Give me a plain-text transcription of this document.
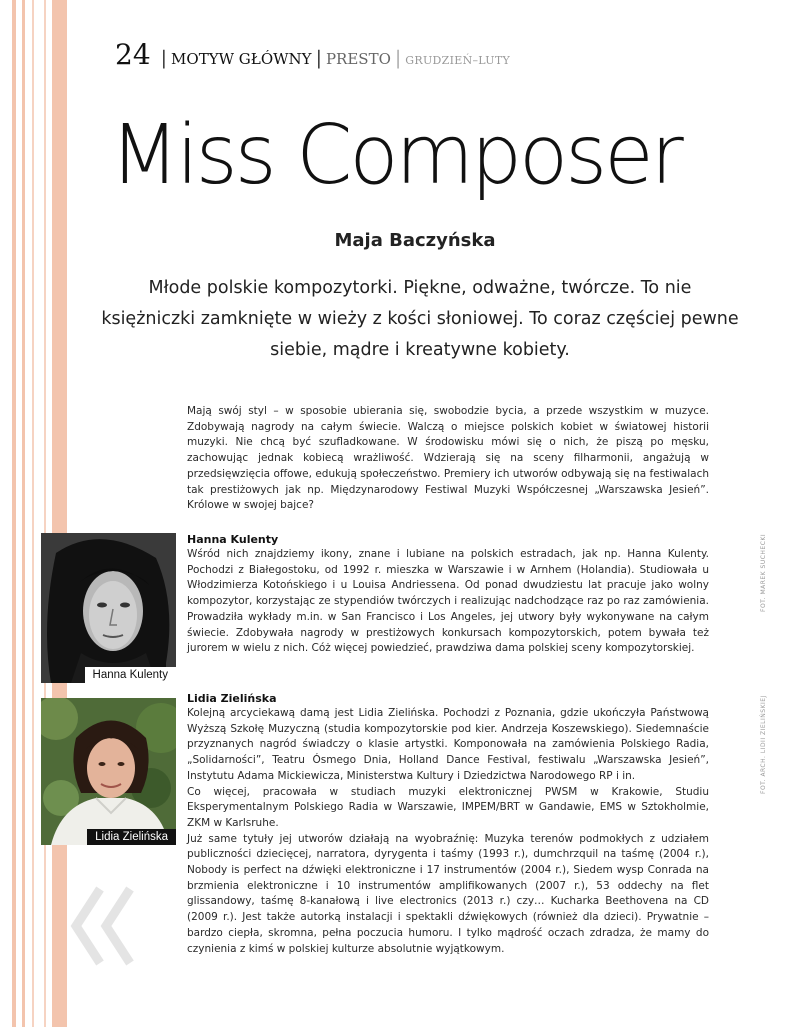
24 | MOTYW GŁÓWNY | PRESTO | GRUDZIEŃ–LUTY
Miss Composer
Maja Baczyńska
Młode polskie kompozytorki. Piękne, odważne, twórcze. To nie księżniczki zamknięte w wieży z kości słoniowej. To coraz częściej pewne siebie, mądre i kreatywne kobiety.
Mają swój styl – w sposobie ubierania się, swobodzie bycia, a przede wszystkim w muzyce. Zdobywają nagrody na całym świecie. Walczą o miejsce polskich kobiet w światowej historii muzyki. Nie chcą być szufladkowane. W środowisku mówi się o nich, że piszą po męsku, zachowując jednak kobiecą wrażliwość. Wdzierają się na sceny filharmonii, angażują w przedsięwzięcia offowe, edukują społeczeństwo. Premiery ich utworów odbywają się na festiwalach tak prestiżowych jak np. Międzynarodowy Festiwal Muzyki Współczesnej „Warszawska Jesień”. Królowe w swojej bajce?
Hanna Kulenty
Hanna Kulenty

Wśród nich znajdziemy ikony, znane i lubiane na polskich estradach, jak np. Hanna Kulenty. Pochodzi z Białegostoku, od 1992 r. mieszka w Warszawie i w Arnhem (Holandia). Studiowała u Włodzimierza Kotońskiego i u Louisa Andriessena. Od ponad dwudziestu lat pracuje jako wolny kompozytor, korzystając ze stypendiów twórczych i realizując nadchodzące raz po raz zamówienia. Prowadziła wykłady m.in. w San Francisco i Los Angeles, jej utwory były wykonywane na całym świecie. Zdobywała nagrody w prestiżowych konkursach kompozytorskich, potem bywała też jurorem w wielu z nich. Cóż więcej powiedzieć, prawdziwa dama polskiej sceny kompozytorskiej.

Lidia Zielińska
Lidia Zielińska

Kolejną arcyciekawą damą jest Lidia Zielińska. Pochodzi z Poznania, gdzie ukończyła Państwową Wyższą Szkołę Muzyczną (studia kompozytorskie pod kier. Andrzeja Koszewskiego). Siedemnaście przyznanych nagród świadczy o klasie artystki. Komponowała na zamówienia Polskiego Radia, „Solidarności”, Teatru Ósmego Dnia, Holland Dance Festival, festiwalu „Warszawska Jesień”, Instytutu Adama Mickiewicza, Ministerstwa Kultury i Dziedzictwa Narodowego RP i in.

Co więcej, pracowała w studiach muzyki elektronicznej PWSM w Krakowie, Studiu Eksperymentalnym Polskiego Radia w Warszawie, IMPEM/BRT w Gandawie, EMS w Sztokholmie, ZKM w Karlsruhe.

Już same tytuły jej utworów działają na wyobraźnię: Muzyka terenów podmokłych z udziałem publiczności dziecięcej, narratora, dyrygenta i taśmy (1993 r.), dumchrzquil na taśmę (2004 r.), Nobody is perfect na dźwięki elektroniczne i 17 instrumentów (2004 r.), Siedem wysp Conrada na brzmienia elektroniczne i 10 instrumentów amplifikowanych (2007 r.), 53 oddechy na flet glissandowy, taśmę 8-kanałową i live electronics (2013 r.) czy… Kucharka Beethovena na CD (2009 r.). Jest także autorką instalacji i spektakli dźwiękowych (również dla dzieci). Prywatnie – bardzo ciepła, skromna, pełna poczucia humoru. I tylko mądrość oczach zdradza, że mamy do czynienia z kimś w polskiej kulturze absolutnie wyjątkowym.

FOT. MAREK SUCHECKI
FOT. ARCH. LIDII ZIELIŃSKIEJ
